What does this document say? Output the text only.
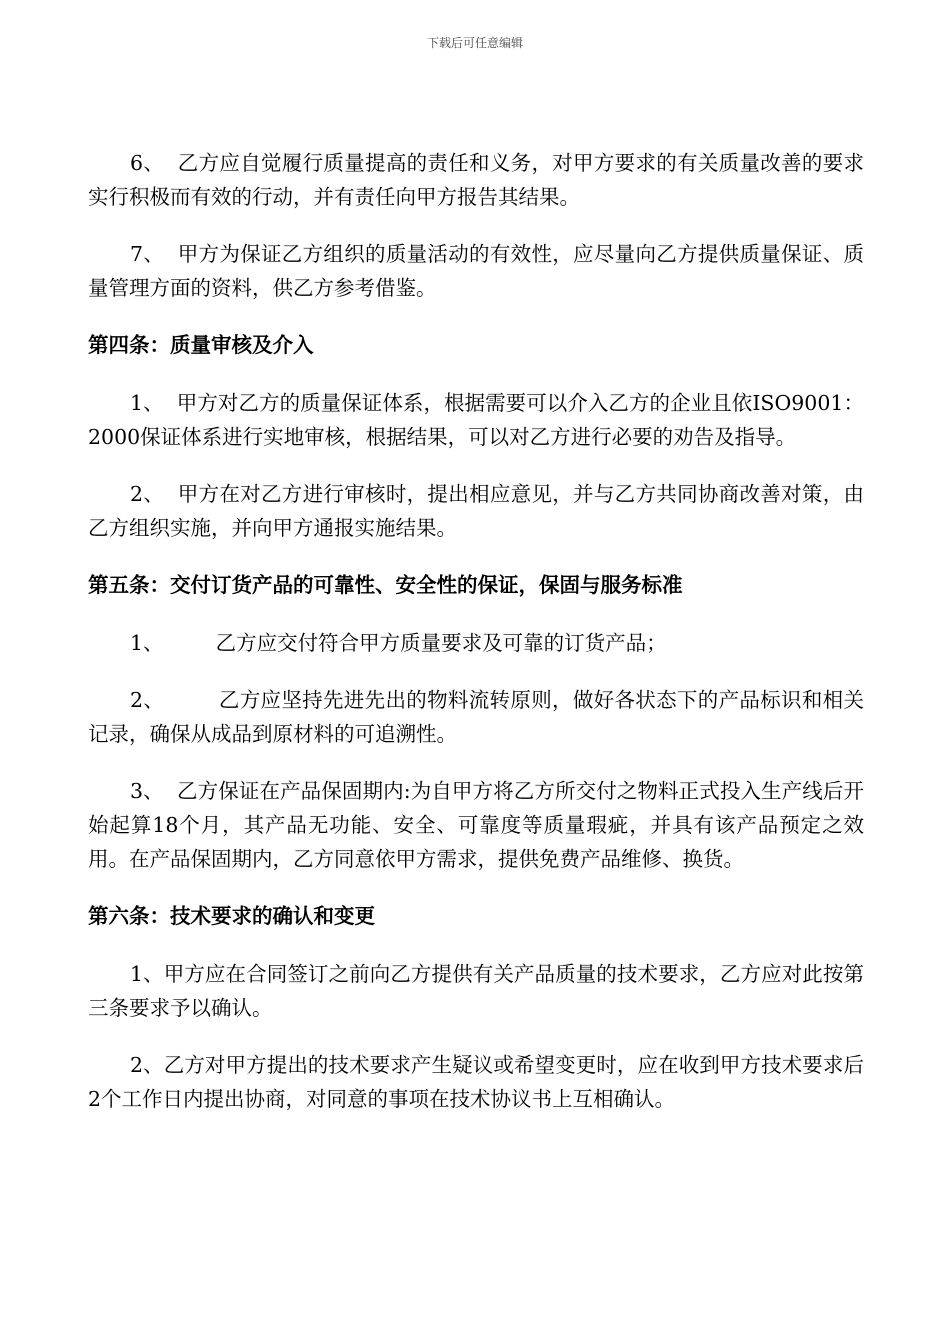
下载后可任意编辑

6、  乙方应自觉履行质量提高的责任和义务，对甲方要求的有关质量改善的要求实行积极而有效的行动，并有责任向甲方报告其结果。

7、  甲方为保证乙方组织的质量活动的有效性，应尽量向乙方提供质量保证、质量管理方面的资料，供乙方参考借鉴。

第四条：质量审核及介入

1、  甲方对乙方的质量保证体系，根据需要可以介入乙方的企业且依ISO9001：2000保证体系进行实地审核，根据结果，可以对乙方进行必要的劝告及指导。

2、  甲方在对乙方进行审核时，提出相应意见，并与乙方共同协商改善对策，由乙方组织实施，并向甲方通报实施结果。

第五条：交付订货产品的可靠性、安全性的保证，保固与服务标准

1、        乙方应交付符合甲方质量要求及可靠的订货产品；

2、        乙方应坚持先进先出的物料流转原则，做好各状态下的产品标识和相关记录，确保从成品到原材料的可追溯性。

3、  乙方保证在产品保固期内:为自甲方将乙方所交付之物料正式投入生产线后开始起算18个月，其产品无功能、安全、可靠度等质量瑕疵，并具有该产品预定之效用。在产品保固期内，乙方同意依甲方需求，提供免费产品维修、换货。

第六条：技术要求的确认和变更

1、甲方应在合同签订之前向乙方提供有关产品质量的技术要求，乙方应对此按第三条要求予以确认。

2、乙方对甲方提出的技术要求产生疑议或希望变更时，应在收到甲方技术要求后2个工作日内提出协商，对同意的事项在技术协议书上互相确认。
